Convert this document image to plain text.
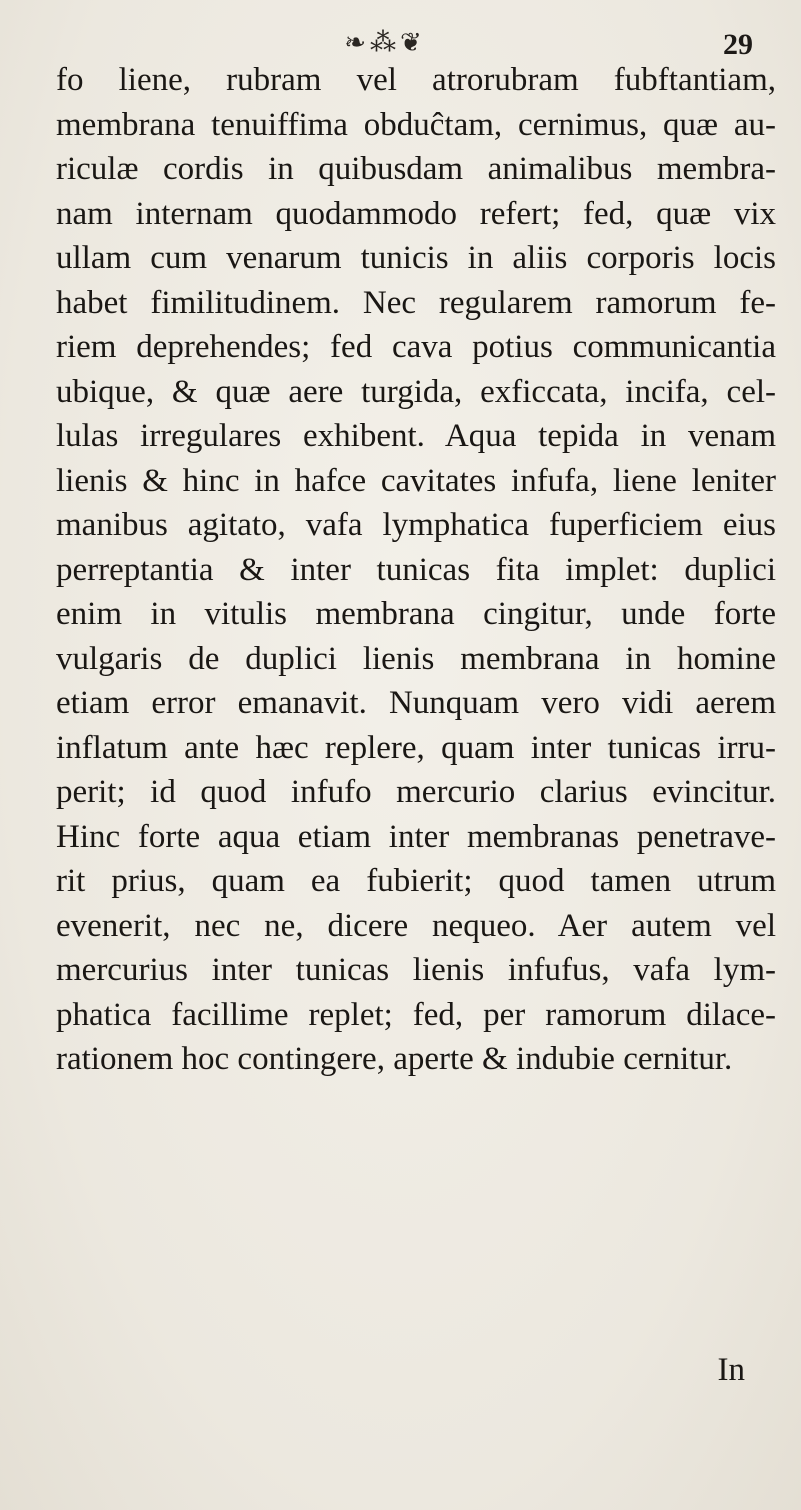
❧⁂❦	29
fo liene, rubram vel atrorubram fubftantiam,
membrana tenuiffima obduĉtam, cernimus, quæ au-
riculæ cordis in quibusdam animalibus membra-
nam internam quodammodo refert; fed, quæ vix
ullam cum venarum tunicis in aliis corporis locis
habet fimilitudinem. Nec regularem ramorum fe-
riem deprehendes; fed cava potius communicantia
ubique, & quæ aere turgida, exficcata, incifa, cel-
lulas irregulares exhibent. Aqua tepida in venam
lienis & hinc in hafce cavitates infufa, liene leniter
manibus agitato, vafa lymphatica fuperficiem eius
perreptantia & inter tunicas fita implet: duplici
enim in vitulis membrana cingitur, unde forte
vulgaris de duplici lienis membrana in homine
etiam error emanavit. Nunquam vero vidi aerem
inflatum ante hæc replere, quam inter tunicas irru-
perit; id quod infufo mercurio clarius evincitur.
Hinc forte aqua etiam inter membranas penetrave-
rit prius, quam ea fubierit; quod tamen utrum
evenerit, nec ne, dicere nequeo. Aer autem vel
mercurius inter tunicas lienis infufus, vafa lym-
phatica facillime replet; fed, per ramorum dilace-
rationem hoc contingere, aperte & indubie cernitur.
In
